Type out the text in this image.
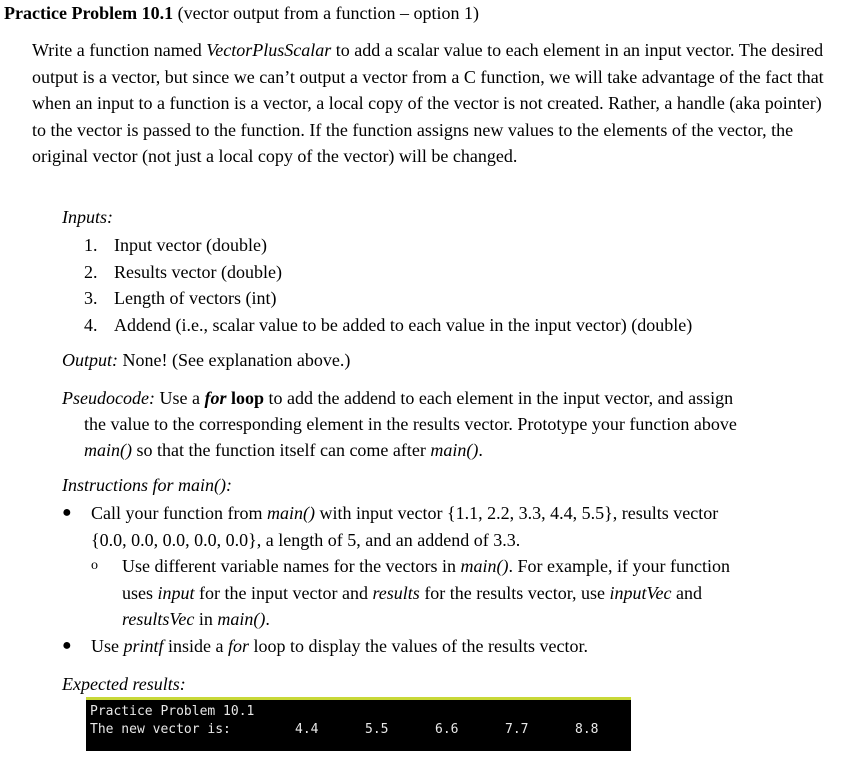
Practice Problem 10.1 (vector output from a function – option 1)

Write a function named VectorPlusScalar to add a scalar value to each element in an input vector. The desired output is a vector, but since we can’t output a vector from a C function, we will take advantage of the fact that when an input to a function is a vector, a local copy of the vector is not created. Rather, a handle (aka pointer) to the vector is passed to the function. If the function assigns new values to the elements of the vector, the original vector (not just a local copy of the vector) will be changed.

Inputs:
1. Input vector (double)
2. Results vector (double)
3. Length of vectors (int)
4. Addend (i.e., scalar value to be added to each value in the input vector) (double)
Output: None! (See explanation above.)
Pseudocode: Use a for loop to add the addend to each element in the input vector, and assign
the value to the corresponding element in the results vector. Prototype your function above
main() so that the function itself can come after main().
Instructions for main():
● Call your function from main() with input vector {1.1, 2.2, 3.3, 4.4, 5.5}, results vector
{0.0, 0.0, 0.0, 0.0, 0.0}, a length of 5, and an addend of 3.3.
o Use different variable names for the vectors in main(). For example, if your function
uses input for the input vector and results for the results vector, use inputVec and
resultsVec in main().
● Use printf inside a for loop to display the values of the results vector.
Expected results:
Practice Problem 10.1
The new vector is:	4.4	5.5	6.6	7.7	8.8
